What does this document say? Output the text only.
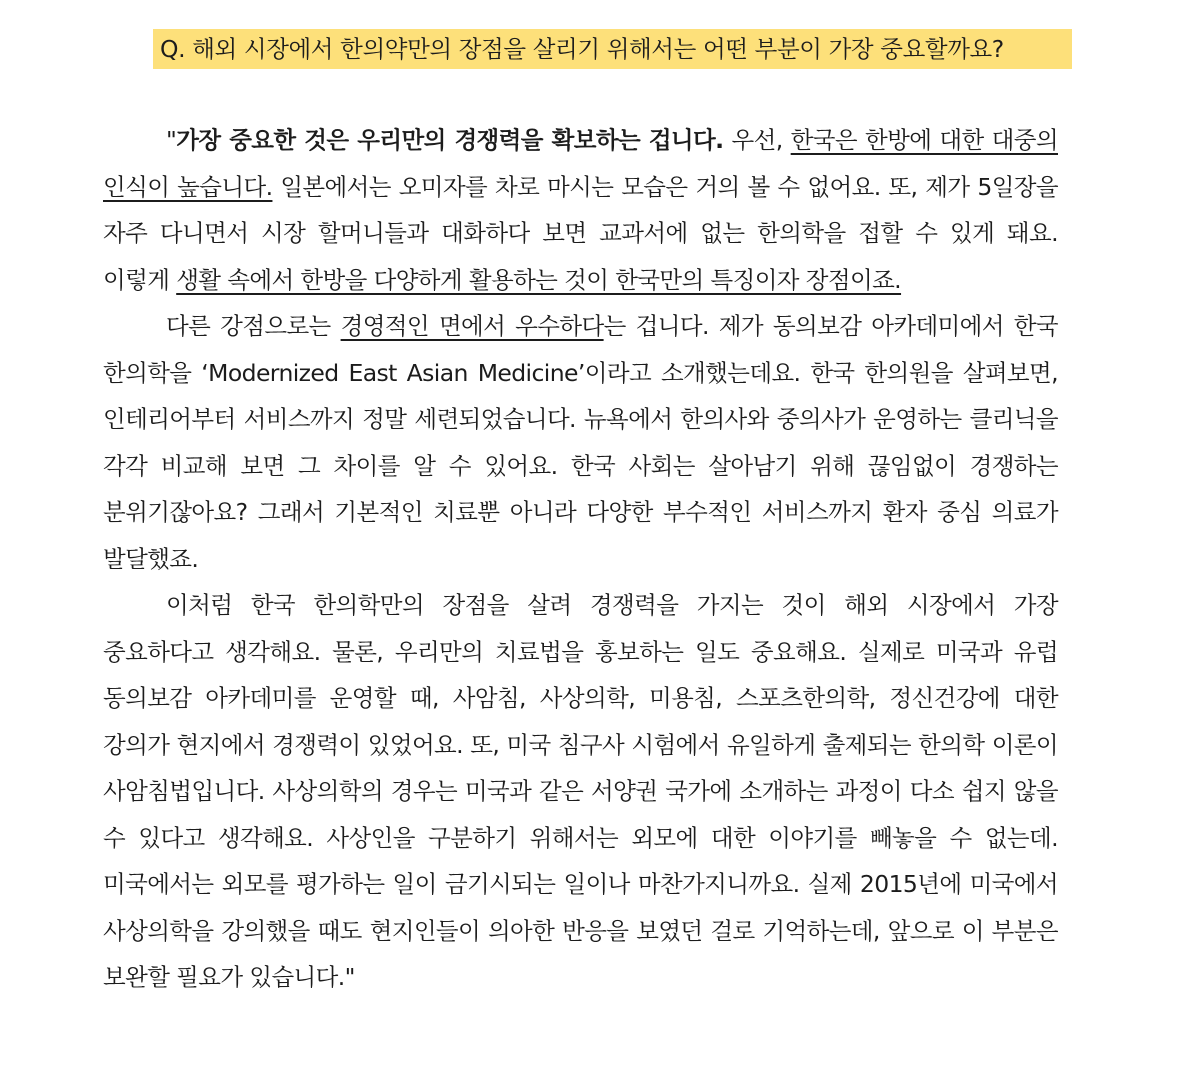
Q. 해외 시장에서 한의약만의 장점을 살리기 위해서는 어떤 부분이 가장 중요할까요?

"가장 중요한 것은 우리만의 경쟁력을 확보하는 겁니다. 우선, 한국은 한방에 대한 대중의 인식이 높습니다. 일본에서는 오미자를 차로 마시는 모습은 거의 볼 수 없어요. 또, 제가 5일장을 자주 다니면서 시장 할머니들과 대화하다 보면 교과서에 없는 한의학을 접할 수 있게 돼요. 이렇게 생활 속에서 한방을 다양하게 활용하는 것이 한국만의 특징이자 장점이죠.

다른 강점으로는 경영적인 면에서 우수하다는 겁니다. 제가 동의보감 아카데미에서 한국 한의학을 ‘Modernized East Asian Medicine’이라고 소개했는데요. 한국 한의원을 살펴보면, 인테리어부터 서비스까지 정말 세련되었습니다. 뉴욕에서 한의사와 중의사가 운영하는 클리닉을 각각 비교해 보면 그 차이를 알 수 있어요. 한국 사회는 살아남기 위해 끊임없이 경쟁하는 분위기잖아요? 그래서 기본적인 치료뿐 아니라 다양한 부수적인 서비스까지 환자 중심 의료가 발달했죠.

이처럼 한국 한의학만의 장점을 살려 경쟁력을 가지는 것이 해외 시장에서 가장 중요하다고 생각해요. 물론, 우리만의 치료법을 홍보하는 일도 중요해요. 실제로 미국과 유럽 동의보감 아카데미를 운영할 때, 사암침, 사상의학, 미용침, 스포츠한의학, 정신건강에 대한 강의가 현지에서 경쟁력이 있었어요. 또, 미국 침구사 시험에서 유일하게 출제되는 한의학 이론이 사암침법입니다. 사상의학의 경우는 미국과 같은 서양권 국가에 소개하는 과정이 다소 쉽지 않을 수 있다고 생각해요. 사상인을 구분하기 위해서는 외모에 대한 이야기를 빼놓을 수 없는데. 미국에서는 외모를 평가하는 일이 금기시되는 일이나 마찬가지니까요. 실제 2015년에 미국에서 사상의학을 강의했을 때도 현지인들이 의아한 반응을 보였던 걸로 기억하는데, 앞으로 이 부분은 보완할 필요가 있습니다."
